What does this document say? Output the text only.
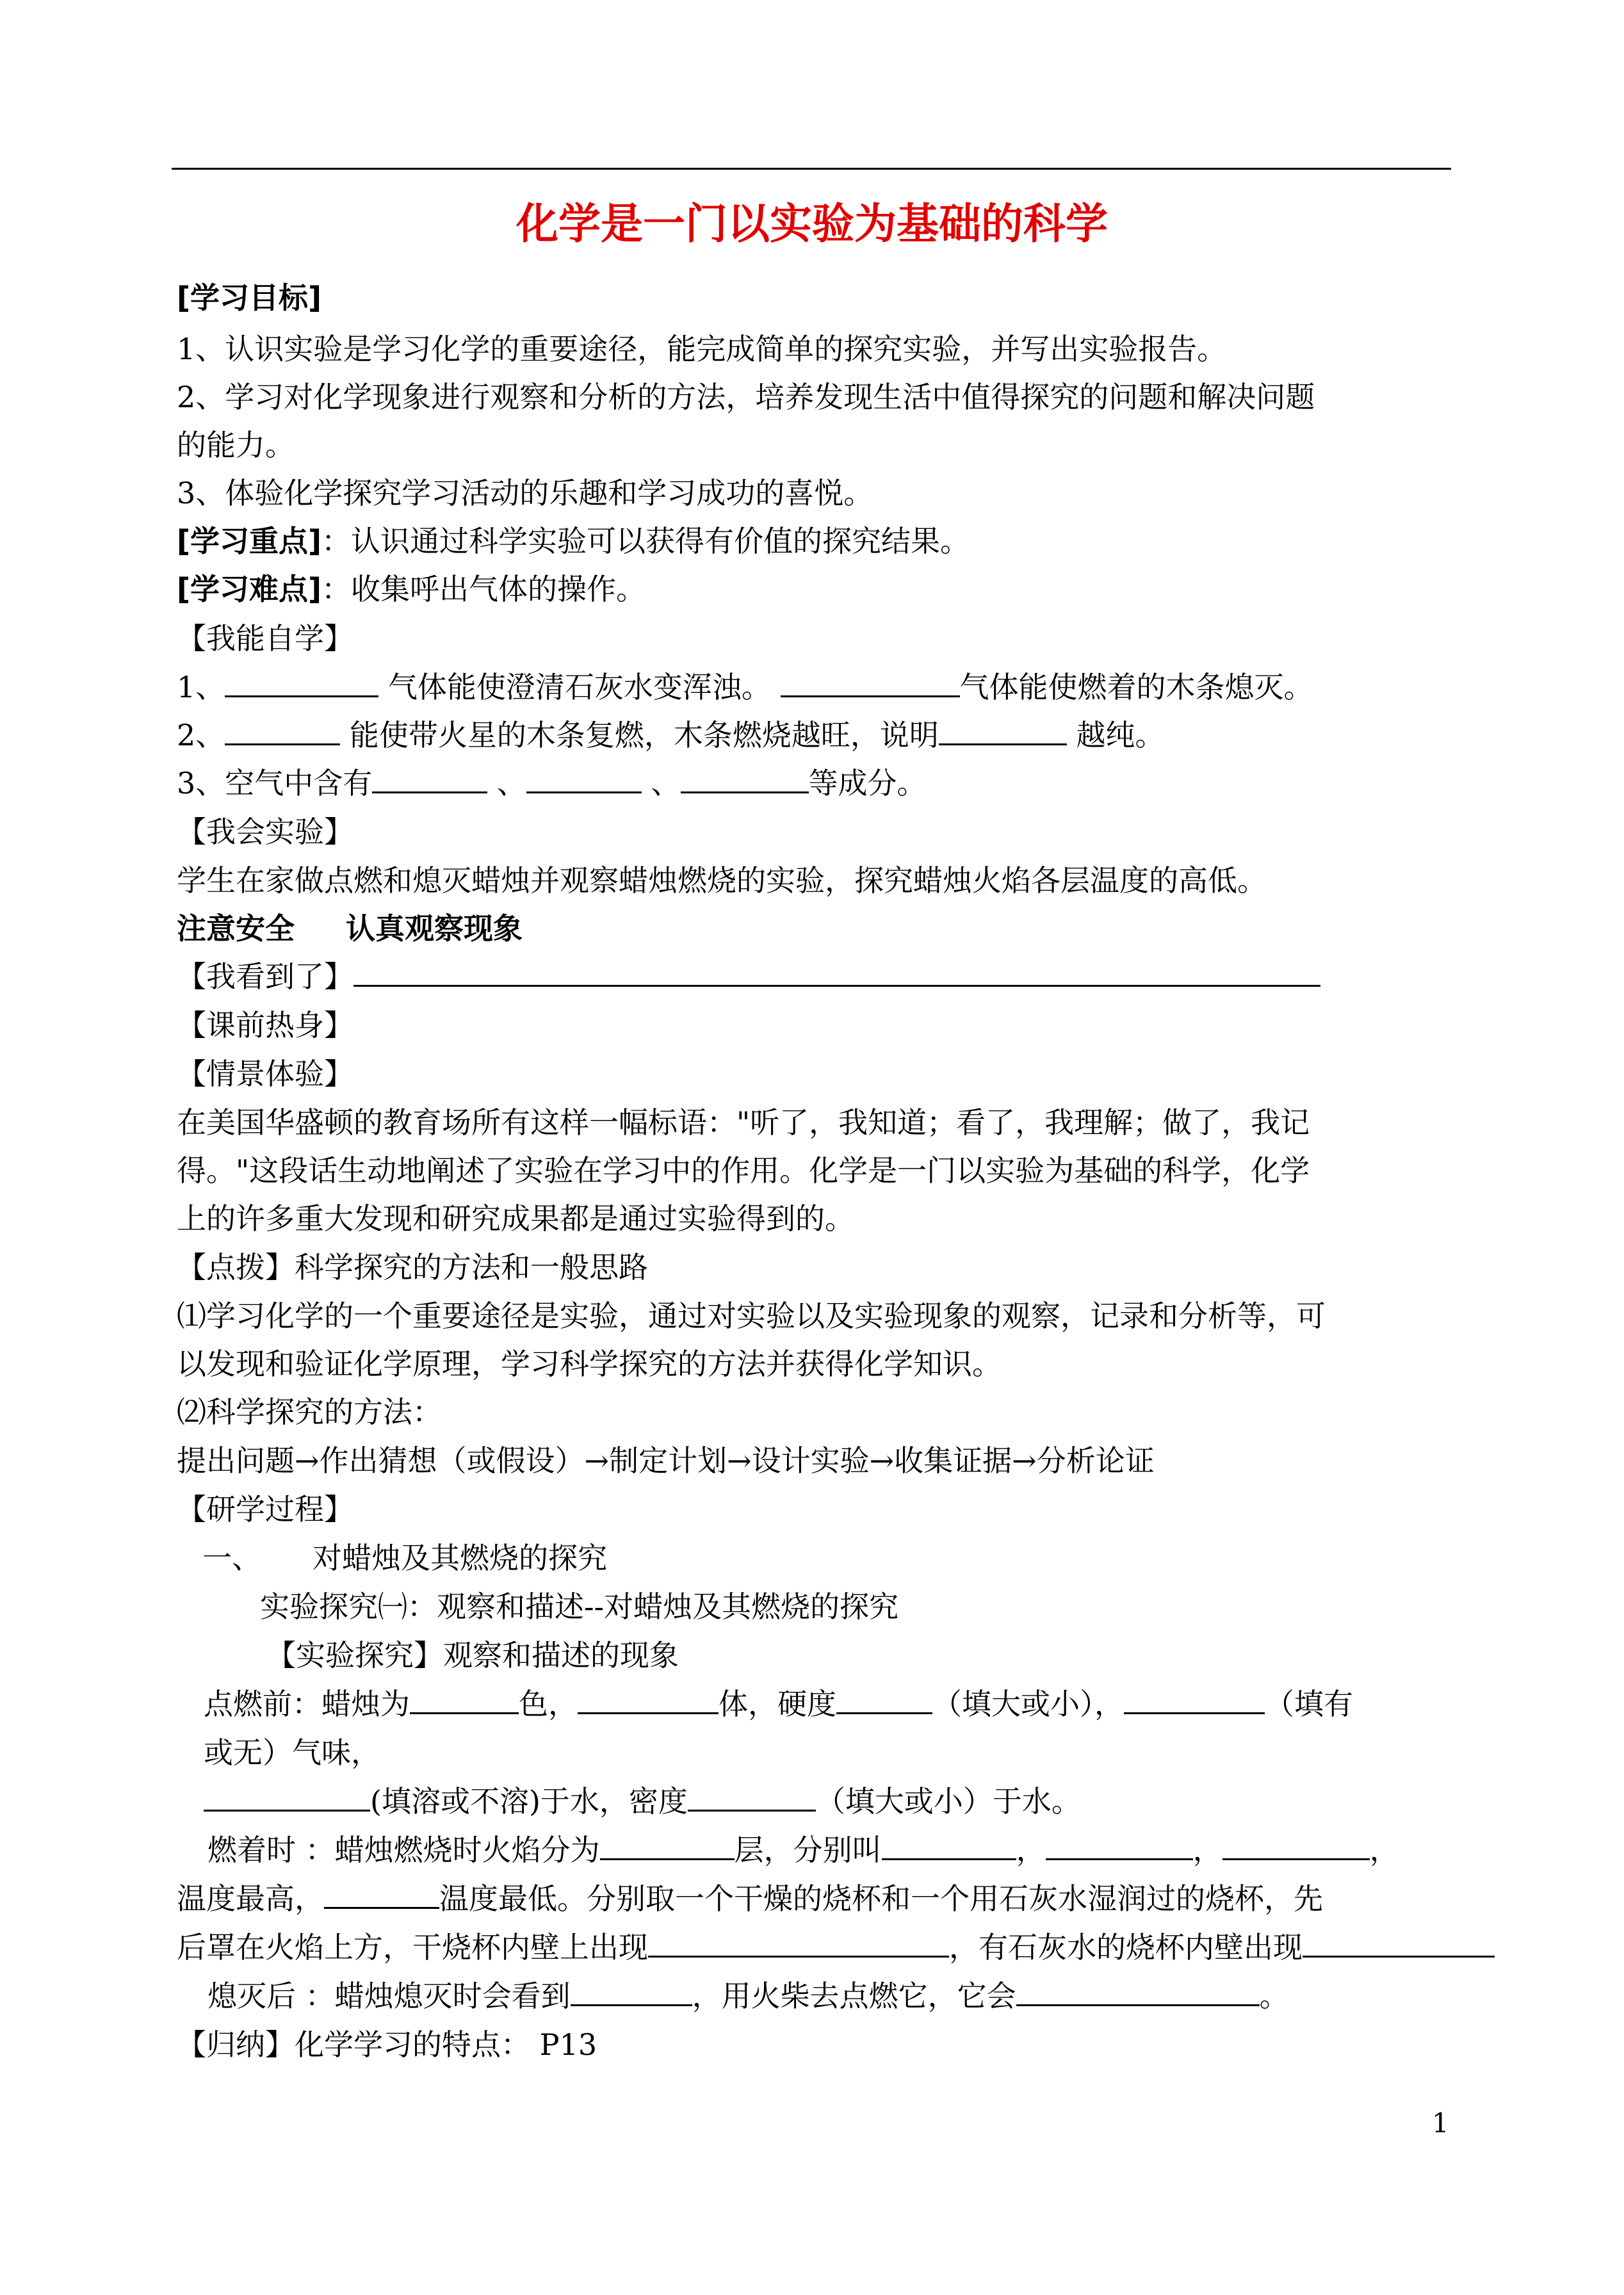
化学是一门以实验为基础的科学
[学习目标]
1、认识实验是学习化学的重要途径，能完成简单的探究实验，并写出实验报告。
2、学习对化学现象进行观察和分析的方法，培养发现生活中值得探究的问题和解决问题
的能力。
3、体验化学探究学习活动的乐趣和学习成功的喜悦。
[学习重点]：认识通过科学实验可以获得有价值的探究结果。
[学习难点]：收集呼出气体的操作。
【我能自学】
1、	气体能使澄清石灰水变浑浊。	气体能使燃着的木条熄灭。
2、	能使带火星的木条复燃，木条燃烧越旺，说明	越纯。
3、空气中含有	、	、	等成分。
【我会实验】
学生在家做点燃和熄灭蜡烛并观察蜡烛燃烧的实验，探究蜡烛火焰各层温度的高低。
注意安全 认真观察现象
【我看到了】
【课前热身】
【情景体验】
在美国华盛顿的教育场所有这样一幅标语："听了，我知道；看了，我理解；做了，我记
得。"这段话生动地阐述了实验在学习中的作用。化学是一门以实验为基础的科学，化学
上的许多重大发现和研究成果都是通过实验得到的。
【点拨】科学探究的方法和一般思路
⑴学习化学的一个重要途径是实验，通过对实验以及实验现象的观察，记录和分析等，可
以发现和验证化学原理，学习科学探究的方法并获得化学知识。
⑵科学探究的方法：
提出问题→作出猜想（或假设）→制定计划→设计实验→收集证据→分析论证
【研学过程】
一、 对蜡烛及其燃烧的探究
实验探究㈠：观察和描述--对蜡烛及其燃烧的探究
【实验探究】观察和描述的现象
点燃前：蜡烛为	色，	体，硬度	（填大或小），	（填有
或无）气味，
(填溶或不溶)于水，密度	（填大或小）于水。
燃着时 ：蜡烛燃烧时火焰分为	层，分别叫	，	，	，
温度最高，	温度最低。分别取一个干燥的烧杯和一个用石灰水湿润过的烧杯，先
后罩在火焰上方，干烧杯内壁上出现	，有石灰水的烧杯内壁出现
熄灭后 ：蜡烛熄灭时会看到	，用火柴去点燃它，它会	。
【归纳】化学学习的特点： P13
1
